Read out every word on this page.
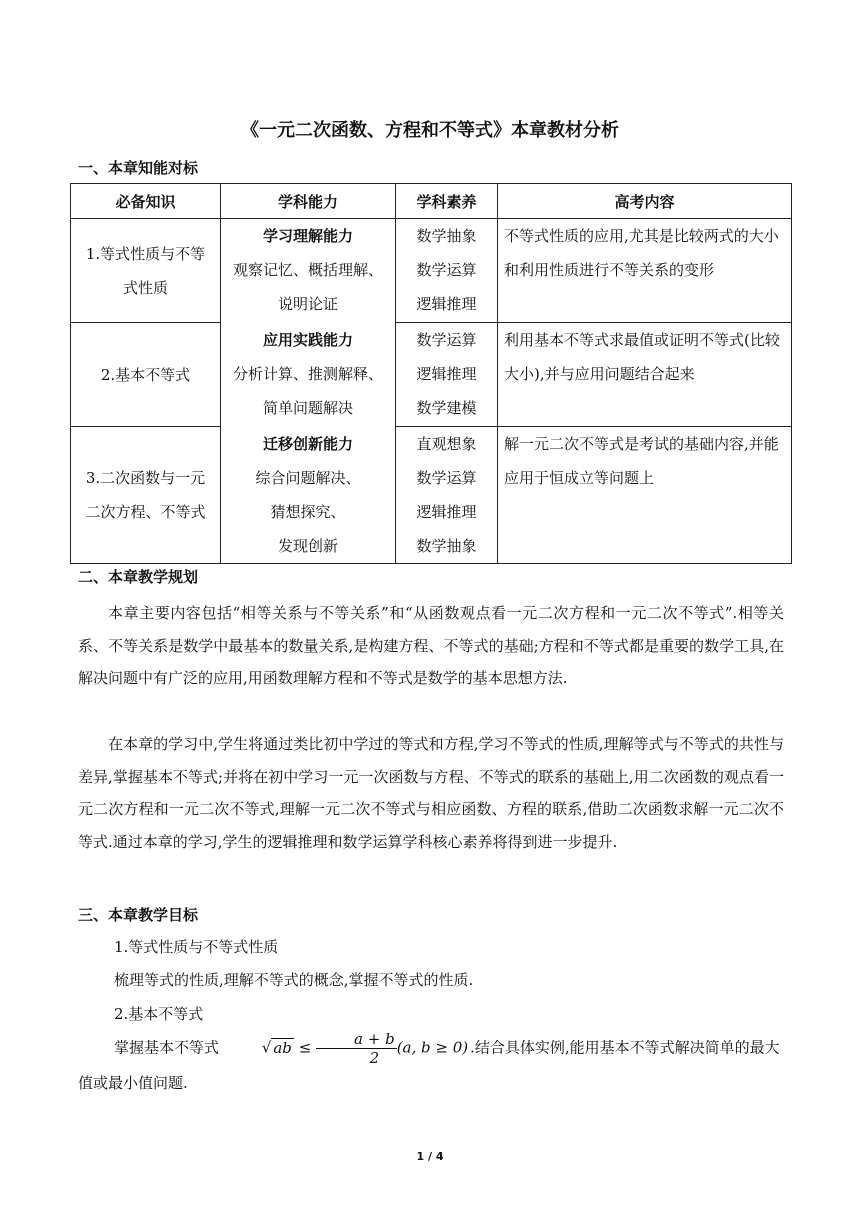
《一元二次函数、方程和不等式》本章教材分析
一、本章知能对标
必备知识	学科能力	学科素养	高考内容

1.等式性质与不等
式性质	学习理解能力
观察记忆、概括理解、
说明论证	数学抽象
数学运算
逻辑推理	不等式性质的应用,尤其是比较两式的大小和利用性质进行不等关系的变形

2.基本不等式	应用实践能力
分析计算、推测解释、
简单问题解决	数学运算
逻辑推理
数学建模	利用基本不等式求最值或证明不等式(比较大小),并与应用问题结合起来

3.二次函数与一元
二次方程、不等式	迁移创新能力
综合问题解决、
猜想探究、
发现创新	直观想象
数学运算
逻辑推理
数学抽象	解一元二次不等式是考试的基础内容,并能应用于恒成立等问题上
二、本章教学规划
本章主要内容包括“相等关系与不等关系”和“从函数观点看一元二次方程和一元二次不等式”.相等关系、不等关系是数学中最基本的数量关系,是构建方程、不等式的基础;方程和不等式都是重要的数学工具,在解决问题中有广泛的应用,用函数理解方程和不等式是数学的基本思想方法.
在本章的学习中,学生将通过类比初中学过的等式和方程,学习不等式的性质,理解等式与不等式的共性与差异,掌握基本不等式;并将在初中学习一元一次函数与方程、不等式的联系的基础上,用二次函数的观点看一元二次方程和一元二次不等式,理解一元二次不等式与相应函数、方程的联系,借助二次函数求解一元二次不等式.通过本章的学习,学生的逻辑推理和数学运算学科核心素养将得到进一步提升.
三、本章教学目标
1.等式性质与不等式性质
梳理等式的性质,理解不等式的概念,掌握不等式的性质.
2.基本不等式
掌握基本不等式	√ ab ≤ $\frac{a + b}{2} (a$, b ≥ 0) .结合具体实例,能用基本不等式解决简单的最大值或最小值问题.
1 / 4
